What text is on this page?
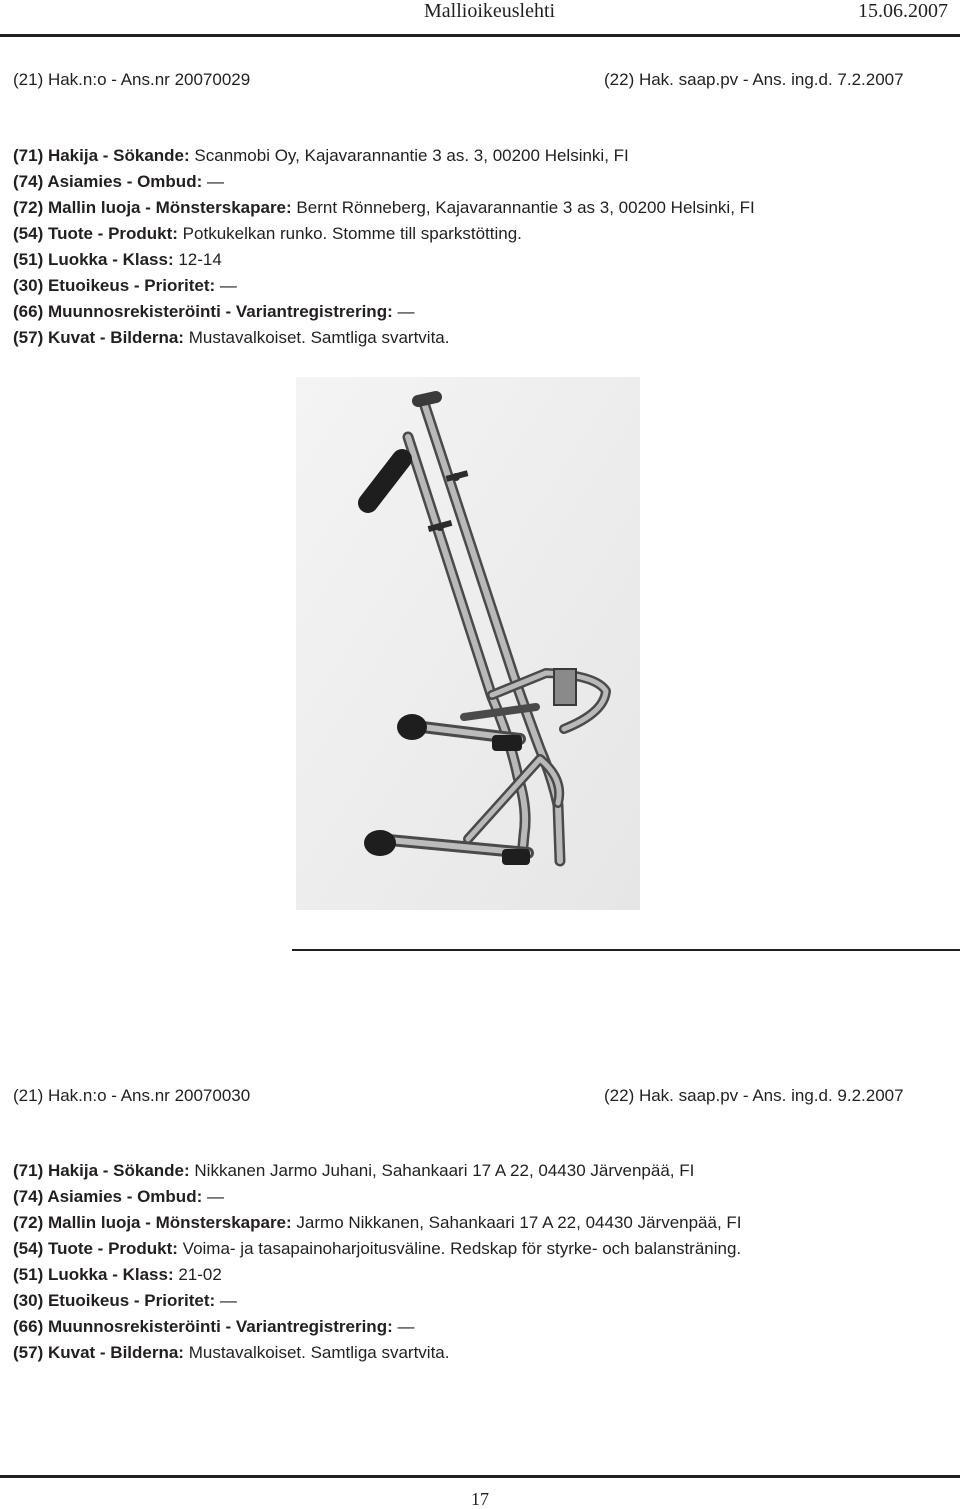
Mallioikeuslehti	15.06.2007
(21) Hak.n:o - Ans.nr 20070029	(22) Hak. saap.pv - Ans. ing.d. 7.2.2007
(71) Hakija - Sökande: Scanmobi Oy, Kajavarannantie 3 as. 3, 00200 Helsinki, FI
(74) Asiamies - Ombud: —
(72) Mallin luoja - Mönsterskapare: Bernt Rönneberg, Kajavarannantie 3 as 3, 00200 Helsinki, FI
(54) Tuote - Produkt: Potkukelkan runko. Stomme till sparkstötting.
(51) Luokka - Klass: 12-14
(30) Etuoikeus - Prioritet: —
(66) Muunnosrekisteröinti - Variantregistrering: —
(57) Kuvat - Bilderna: Mustavalkoiset. Samtliga svartvita.
(21) Hak.n:o - Ans.nr 20070030	(22) Hak. saap.pv - Ans. ing.d. 9.2.2007
(71) Hakija - Sökande: Nikkanen Jarmo Juhani, Sahankaari 17 A 22, 04430 Järvenpää, FI
(74) Asiamies - Ombud: —
(72) Mallin luoja - Mönsterskapare: Jarmo Nikkanen, Sahankaari 17 A 22, 04430 Järvenpää, FI
(54) Tuote - Produkt: Voima- ja tasapainoharjoitusväline. Redskap för styrke- och balansträning.
(51) Luokka - Klass: 21-02
(30) Etuoikeus - Prioritet: —
(66) Muunnosrekisteröinti - Variantregistrering: —
(57) Kuvat - Bilderna: Mustavalkoiset. Samtliga svartvita.
17
